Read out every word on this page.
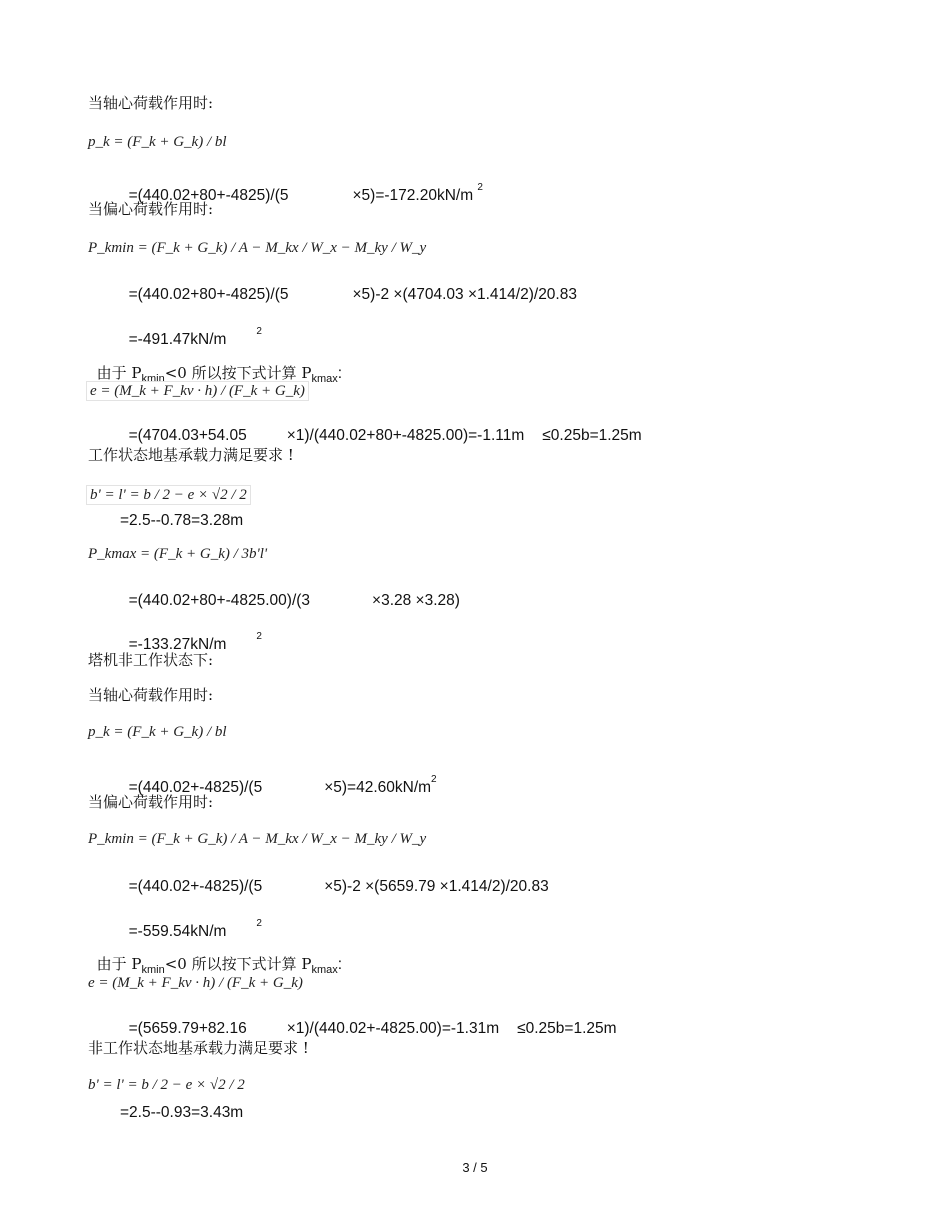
当轴心荷载作用时:
p_k = (F_k + G_k) / bl

=(440.02+80+-4825)/(5	×5)=-172.20kN/m $^2$

当偏心荷载作用时:
P_kmin = (F_k + G_k) / A − M_kx / W_x − M_ky / W_y

=(440.02+80+-4825)/(5	×5)-2 ×(4704.03 ×1.414/2)/20.83

=-491.47kN/m	$^2$

由于 $P_{kmin}<0$ 所以按下式计算 $P_{kmax}$:

e = (M_k + F_kv · h) / (F_k + G_k)

=(4704.03+54.05	×1)/(440.02+80+-4825.00)=-1.11m ≤0.25b=1.25m

工作状态地基承载力满足要求 !
b' = l' = b / 2 − e × √2 / 2
=2.5--0.78=3.28m
P_kmax = (F_k + G_k) / 3b'l'

=(440.02+80+-4825.00)/(3	×3.28 ×3.28)

=-133.27kN/m	$^2$

塔机非工作状态下:
当轴心荷载作用时:
p_k = (F_k + G_k) / bl

=(440.02+-4825)/(5	$\times 5)=42.60kN/m^2$

当偏心荷载作用时:
P_kmin = (F_k + G_k) / A − M_kx / W_x − M_ky / W_y

=(440.02+-4825)/(5	×5)-2 ×(5659.79 ×1.414/2)/20.83

=-559.54kN/m	$^2$

由于 $P_{kmin}<0$ 所以按下式计算 $P_{kmax}$:

e = (M_k + F_kv · h) / (F_k + G_k)

=(5659.79+82.16	×1)/(440.02+-4825.00)=-1.31m ≤0.25b=1.25m

非工作状态地基承载力满足要求 !
b' = l' = b / 2 − e × √2 / 2
=2.5--0.93=3.43m
3 / 5
